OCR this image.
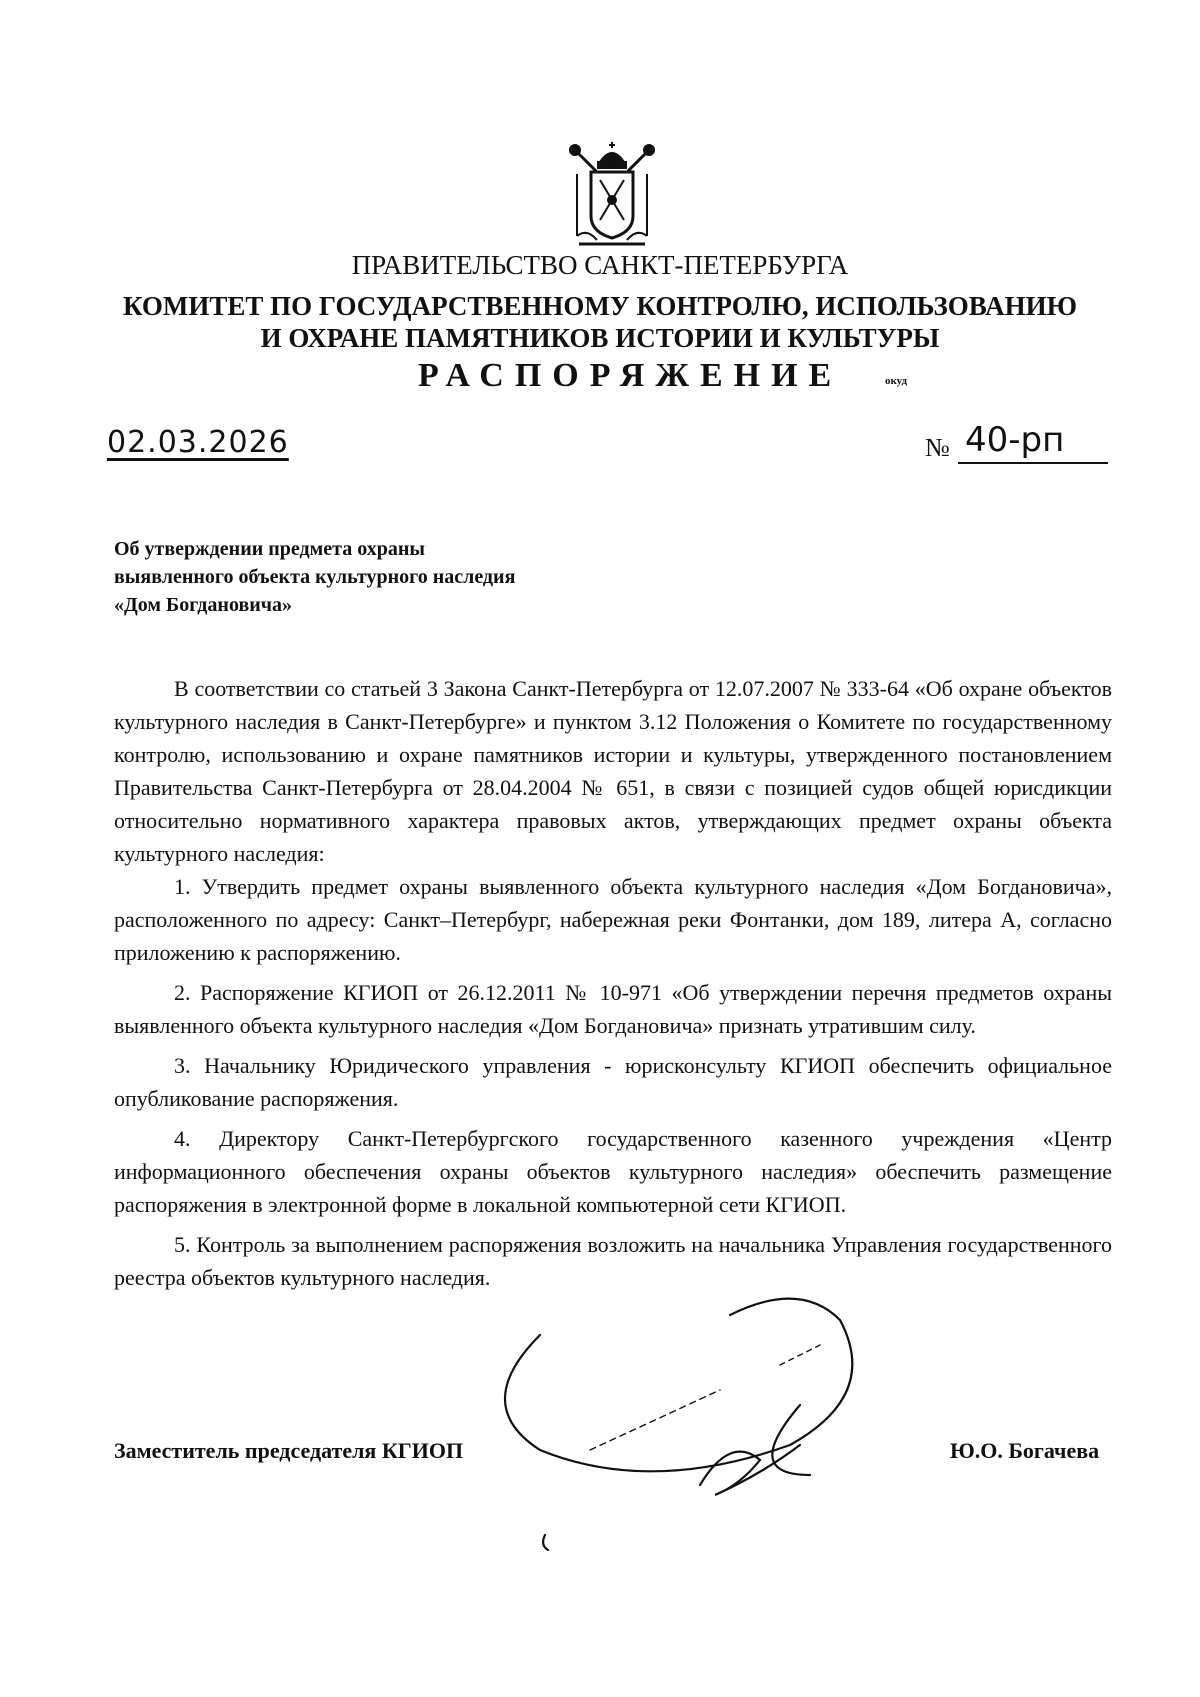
ПРАВИТЕЛЬСТВО САНКТ-ПЕТЕРБУРГА
КОМИТЕТ ПО ГОСУДАРСТВЕННОМУ КОНТРОЛЮ, ИСПОЛЬЗОВАНИЮ
И ОХРАНЕ ПАМЯТНИКОВ ИСТОРИИ И КУЛЬТУРЫ
РАСПОРЯЖЕНИЕ	окуд
02.03.2026	№ 40-рп
Об утверждении предмета охраны
выявленного объекта культурного наследия
«Дом Богдановича»

В соответствии со статьей 3 Закона Санкт-Петербурга от 12.07.2007 № 333-64 «Об охране объектов культурного наследия в Санкт-Петербурге» и пунктом 3.12 Положения о Комитете по государственному контролю, использованию и охране памятников истории и культуры, утвержденного постановлением Правительства Санкт-Петербурга от 28.04.2004 № 651, в связи с позицией судов общей юрисдикции относительно нормативного характера правовых актов, утверждающих предмет охраны объекта культурного наследия:

1. Утвердить предмет охраны выявленного объекта культурного наследия «Дом Богдановича», расположенного по адресу: Санкт–Петербург, набережная реки Фонтанки, дом 189, литера А, согласно приложению к распоряжению.

2. Распоряжение КГИОП от 26.12.2011 № 10-971 «Об утверждении перечня предметов охраны выявленного объекта культурного наследия «Дом Богдановича» признать утратившим силу.

3. Начальнику Юридического управления - юрисконсульту КГИОП обеспечить официальное опубликование распоряжения.

4. Директору Санкт-Петербургского государственного казенного учреждения «Центр информационного обеспечения охраны объектов культурного наследия» обеспечить размещение распоряжения в электронной форме в локальной компьютерной сети КГИОП.

5. Контроль за выполнением распоряжения возложить на начальника Управления государственного реестра объектов культурного наследия.

Заместитель председателя КГИОП	Ю.О. Богачева
